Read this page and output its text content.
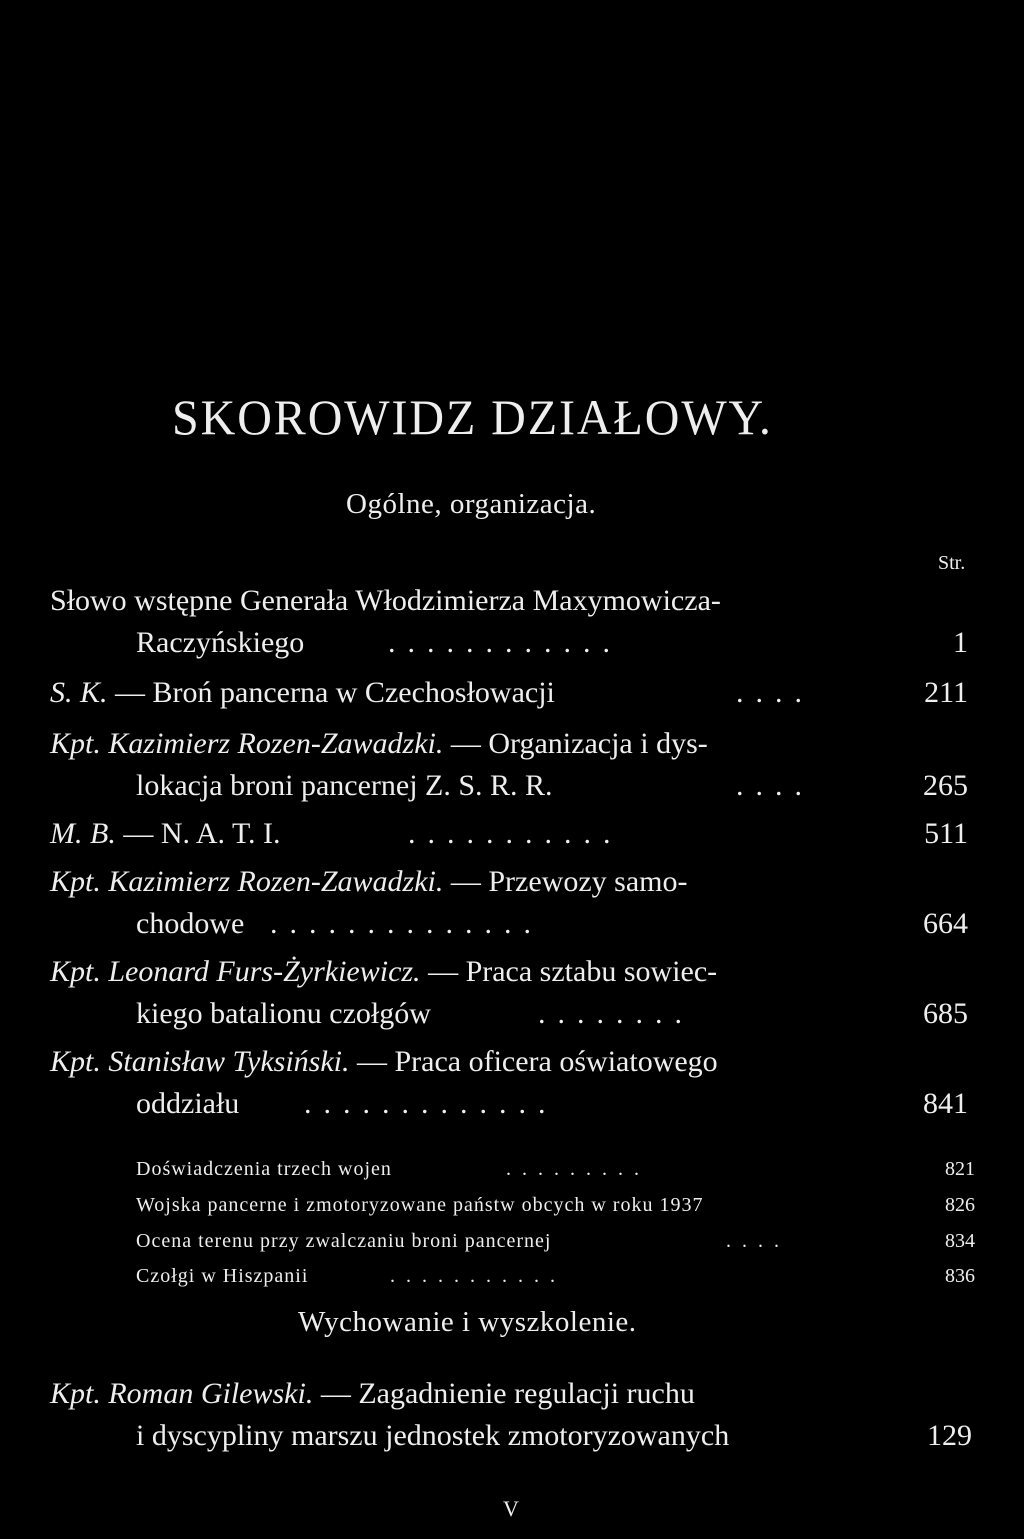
SKOROWIDZ DZIAŁOWY.
Ogólne, organizacja.
Str.
Słowo wstępne Generała Włodzimierza Maxymowicza-
Raczyńskiego	............	1
S. K. — Broń pancerna w Czechosłowacji	....	211
Kpt. Kazimierz Rozen-Zawadzki. — Organizacja i dys-
lokacja broni pancernej Z. S. R. R.	....	265
M. B. — N. A. T. I.	...........	511
Kpt. Kazimierz Rozen-Zawadzki. — Przewozy samo-
chodowe ..............	664
Kpt. Leonard Furs-Żyrkiewicz. — Praca sztabu sowiec-
kiego batalionu czołgów	........	685
Kpt. Stanisław Tyksiński. — Praca oficera oświatowego
oddziału .............	841
Doświadczenia trzech wojen	.........	821
Wojska pancerne i zmotoryzowane państw obcych w roku 1937	826
Ocena terenu przy zwalczaniu broni pancernej	....	834
Czołgi w Hiszpanii	...........	836
Wychowanie i wyszkolenie.
Kpt. Roman Gilewski. — Zagadnienie regulacji ruchu
i dyscypliny marszu jednostek zmotoryzowanych	129
V
